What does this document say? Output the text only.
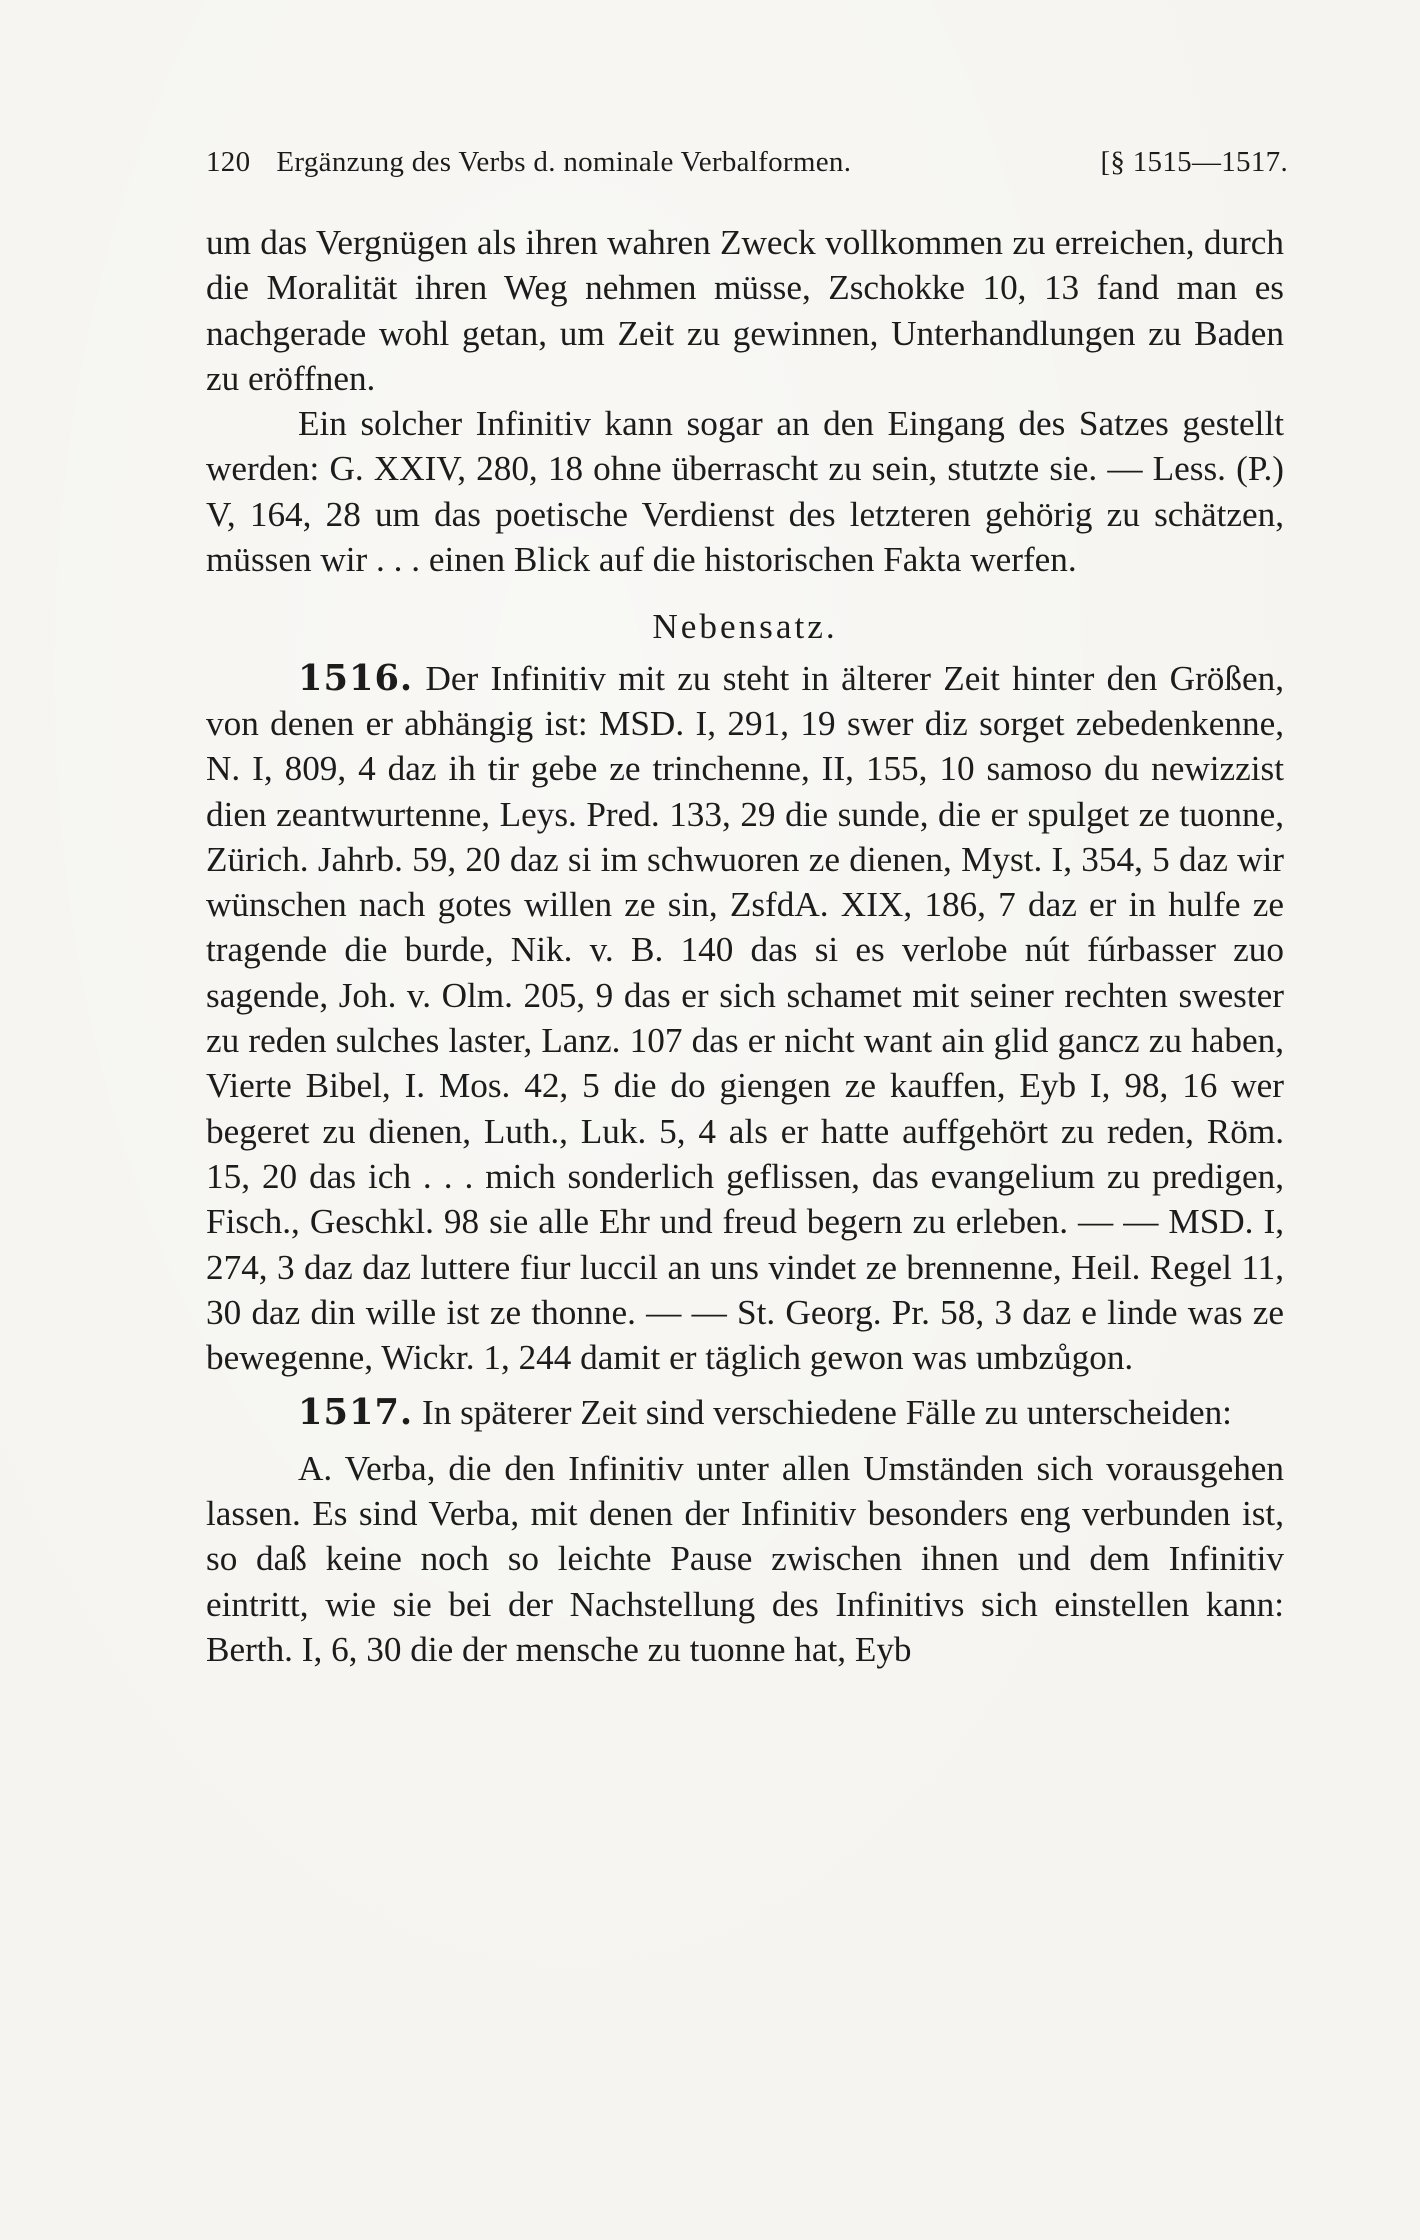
120 Ergänzung des Verbs d. nominale Verbalformen.	[§ 1515—1517.

um das Vergnügen als ihren wahren Zweck vollkommen zu erreichen, durch die Moralität ihren Weg nehmen müsse, Zschokke 10, 13 fand man es nachgerade wohl getan, um Zeit zu gewinnen, Unterhandlungen zu Baden zu eröffnen.

Ein solcher Infinitiv kann sogar an den Eingang des Satzes gestellt werden: G. XXIV, 280, 18 ohne überrascht zu sein, stutzte sie. — Less. (P.) V, 164, 28 um das poetische Verdienst des letzteren gehörig zu schätzen, müssen wir . . . einen Blick auf die historischen Fakta werfen.

Nebensatz.

1516. Der Infinitiv mit zu steht in älterer Zeit hinter den Größen, von denen er abhängig ist: MSD. I, 291, 19 swer diz sorget zebedenkenne, N. I, 809, 4 daz ih tir gebe ze trinchenne, II, 155, 10 samoso du newizzist dien zeantwurtenne, Leys. Pred. 133, 29 die sunde, die er spulget ze tuonne, Zürich. Jahrb. 59, 20 daz si im schwuoren ze dienen, Myst. I, 354, 5 daz wir wünschen nach gotes willen ze sin, ZsfdA. XIX, 186, 7 daz er in hulfe ze tragende die burde, Nik. v. B. 140 das si es verlobe nút fúrbasser zuo sagende, Joh. v. Olm. 205, 9 das er sich schamet mit seiner rechten swester zu reden sulches laster, Lanz. 107 das er nicht want ain glid gancz zu haben, Vierte Bibel, I. Mos. 42, 5 die do giengen ze kauffen, Eyb I, 98, 16 wer begeret zu dienen, Luth., Luk. 5, 4 als er hatte auffgehört zu reden, Röm. 15, 20 das ich . . . mich sonderlich geflissen, das evangelium zu predigen, Fisch., Geschkl. 98 sie alle Ehr und freud begern zu erleben. — — MSD. I, 274, 3 daz daz luttere fiur luccil an uns vindet ze brennenne, Heil. Regel 11, 30 daz din wille ist ze thonne. — — St. Georg. Pr. 58, 3 daz e linde was ze bewegenne, Wickr. 1, 244 damit er täglich gewon was umbzůgon.

1517. In späterer Zeit sind verschiedene Fälle zu unterscheiden:

A. Verba, die den Infinitiv unter allen Umständen sich vorausgehen lassen. Es sind Verba, mit denen der Infinitiv besonders eng verbunden ist, so daß keine noch so leichte Pause zwischen ihnen und dem Infinitiv eintritt, wie sie bei der Nachstellung des Infinitivs sich einstellen kann: Berth. I, 6, 30 die der mensche zu tuonne hat, Eyb
